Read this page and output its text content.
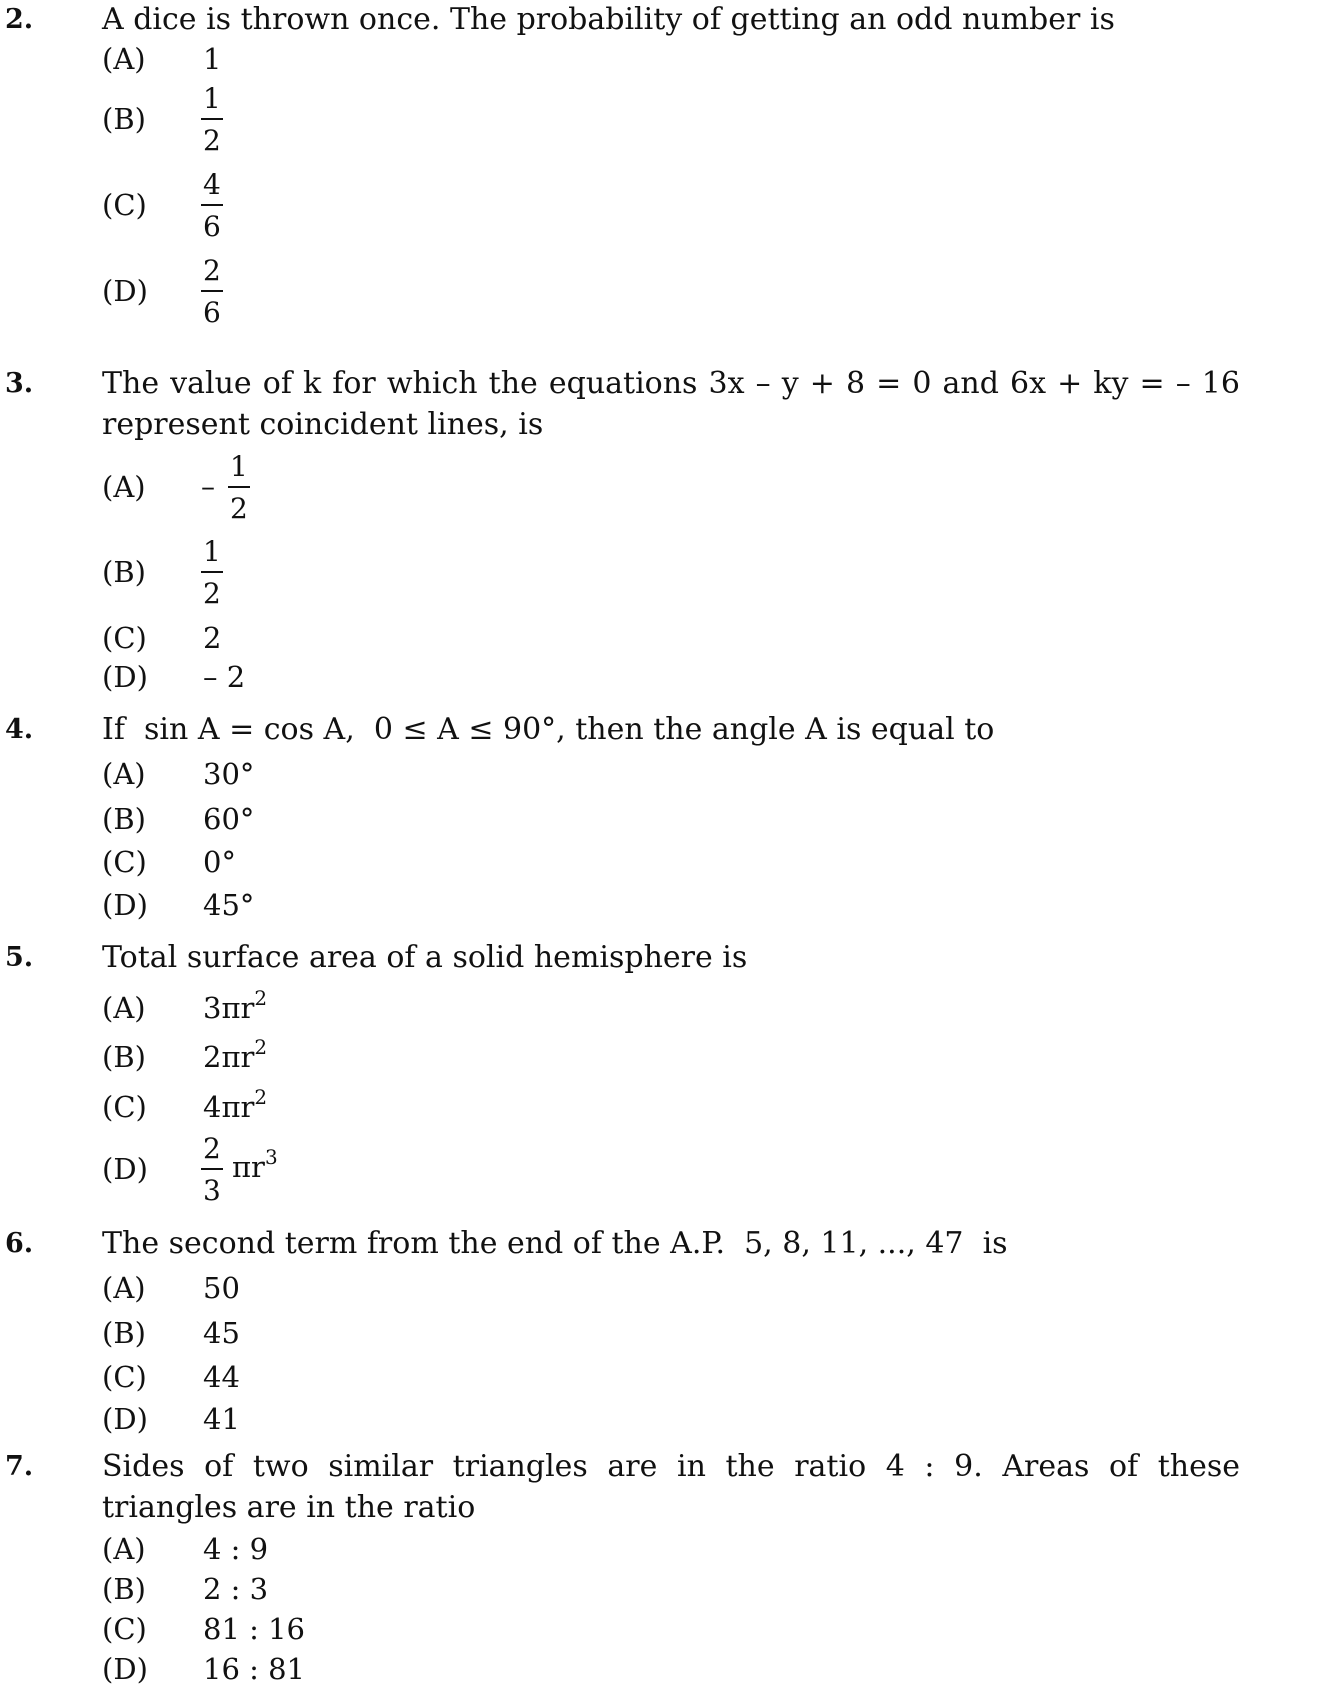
2. A dice is thrown once. The probability of getting an odd number is
(A) 1
(B)
1
2
(C)
4
6
(D)
2
6
3. The value of k for which the equations 3x – y + 8 = 0 and 6x + ky = – 16
represent coincident lines, is
(A) –
1
2
(B)
1
2
(C) 2
(D) – 2
4. If  sin A = cos A,  0 ≤ A ≤ 90°, then the angle A is equal to
(A) 30°
(B) 60°
(C) 0°
(D) 45°
5. Total surface area of a solid hemisphere is
(A) $3\pi r^2$
(B) $2\pi r^2$
(C) $4\pi r^2$
(D)
2
3
$\pi r^3$
6. The second term from the end of the A.P.  5, 8, 11, ..., 47  is
(A) 50
(B) 45
(C) 44
(D) 41
7. Sides of two similar triangles are in the ratio 4 : 9. Areas of these
triangles are in the ratio
(A) 4 : 9
(B) 2 : 3
(C) 81 : 16
(D) 16 : 81
